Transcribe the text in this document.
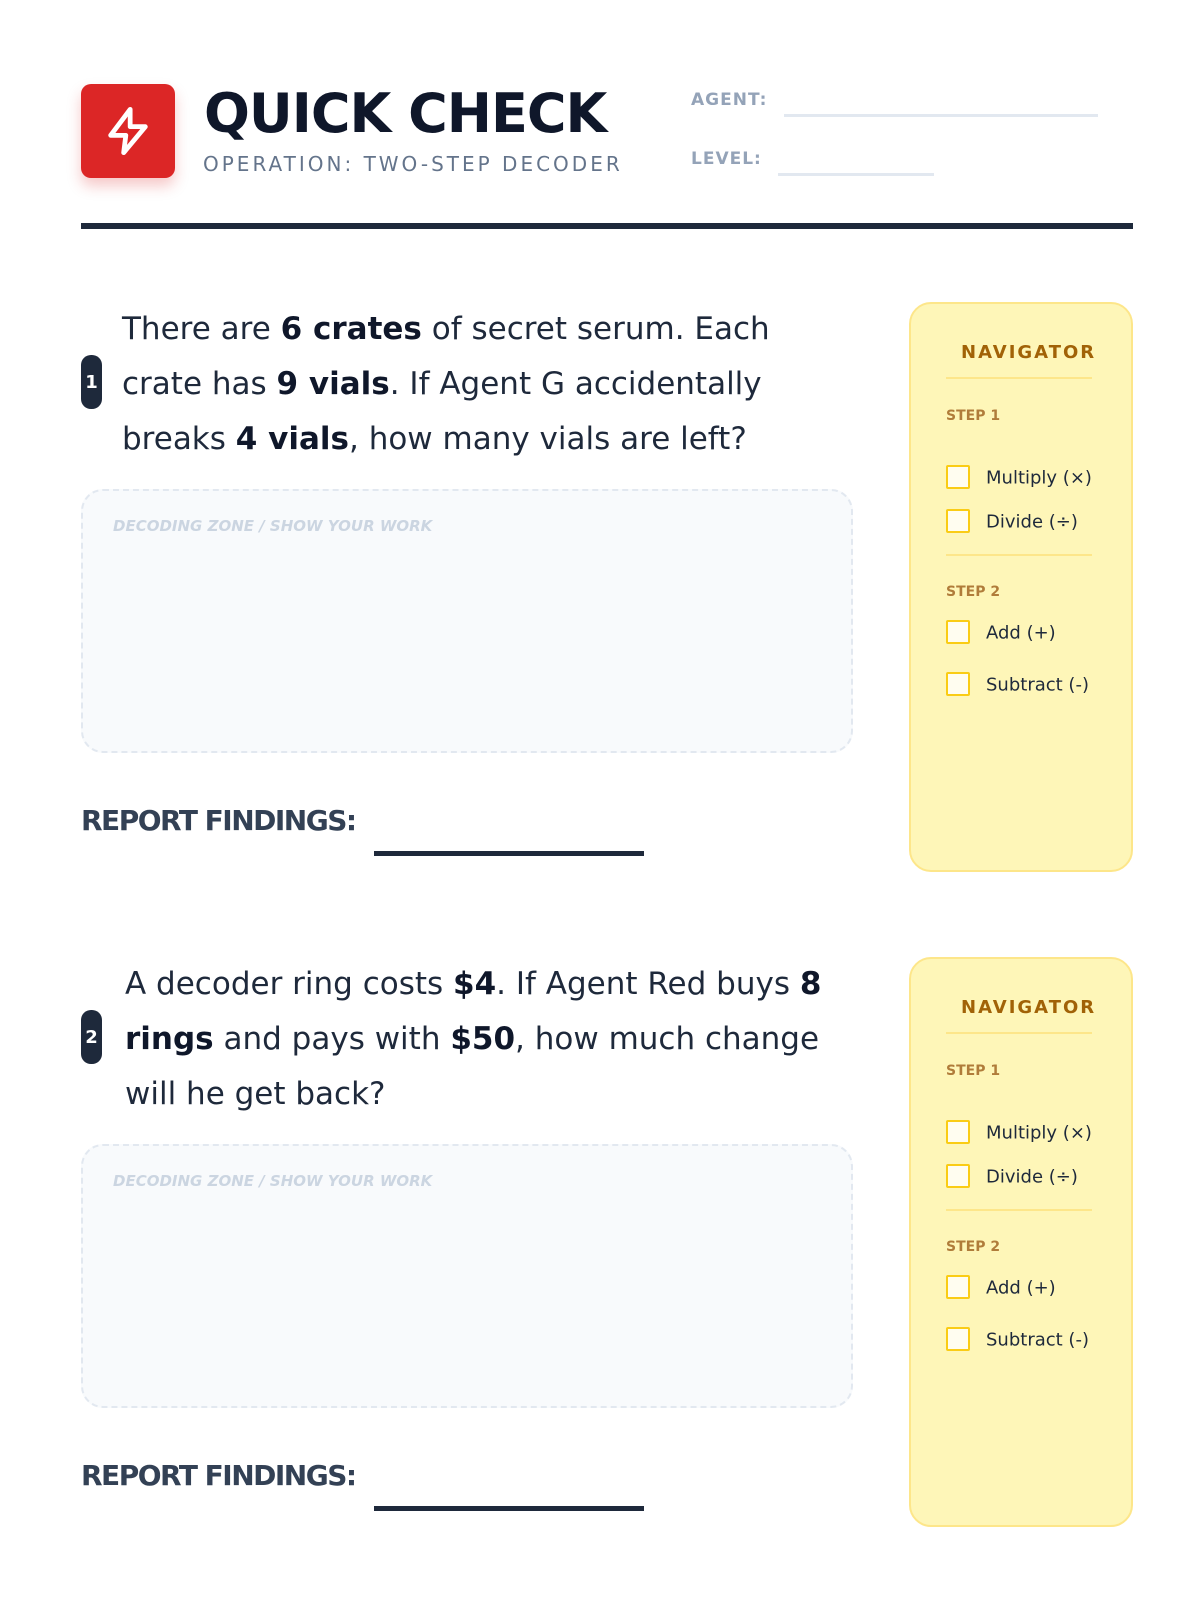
QUICK CHECK
OPERATION: TWO-STEP DECODER
AGENT:
LEVEL:
1
There are 6 crates of secret serum. Each crate has 9 vials. If Agent G accidentally breaks 4 vials, how many vials are left?
DECODING ZONE / SHOW YOUR WORK
REPORT FINDINGS:
NAVIGATOR
STEP 1
Multiply (×)
Divide (÷)
STEP 2
Add (+)
Subtract (-)
2
A decoder ring costs $4. If Agent Red buys 8 rings and pays with $50, how much change will he get back?
DECODING ZONE / SHOW YOUR WORK
REPORT FINDINGS:
NAVIGATOR
STEP 1
Multiply (×)
Divide (÷)
STEP 2
Add (+)
Subtract (-)
